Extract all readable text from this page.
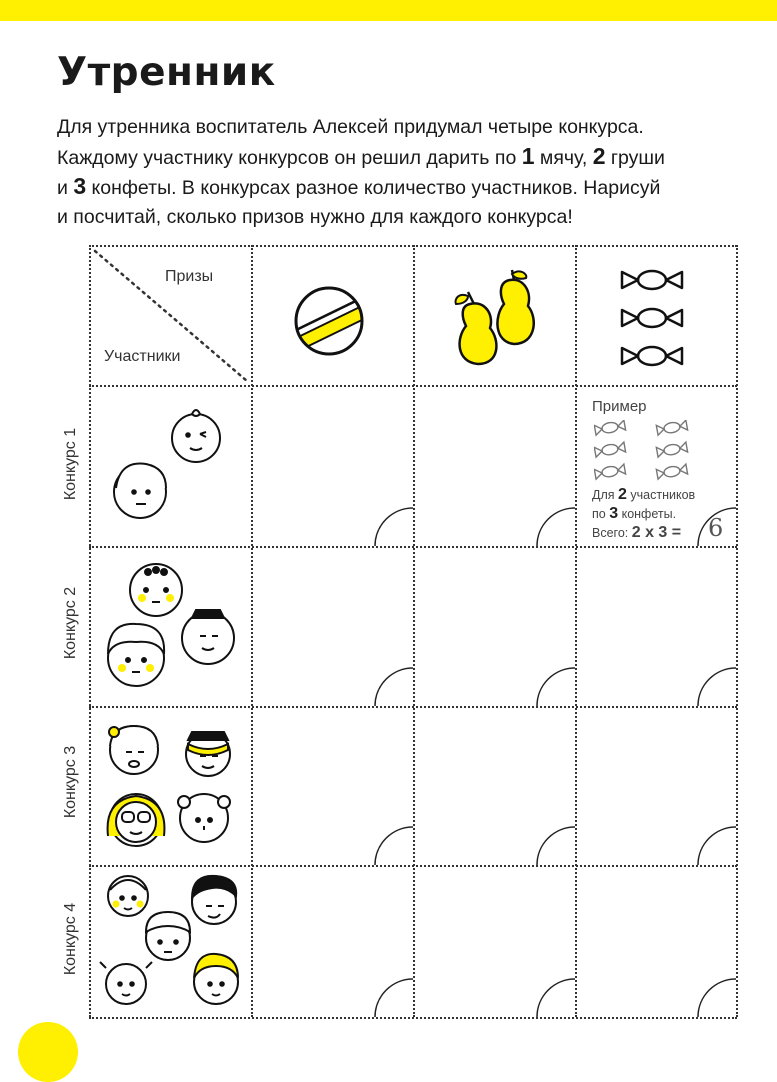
Утренник
Для утренника воспитатель Алексей придумал четыре конкурса.
Каждому участнику конкурсов он решил дарить по 1 мячу, 2 груши
и 3 конфеты. В конкурсах разное количество участников. Нарисуй
и посчитай, сколько призов нужно для каждого конкурса!
Призы
Участники
Конкурс 1
Конкурс 2
Конкурс 3
Конкурс 4
Пример
Для 2 участников
по 3 конфеты.
Всего: 2 х 3 = 6
